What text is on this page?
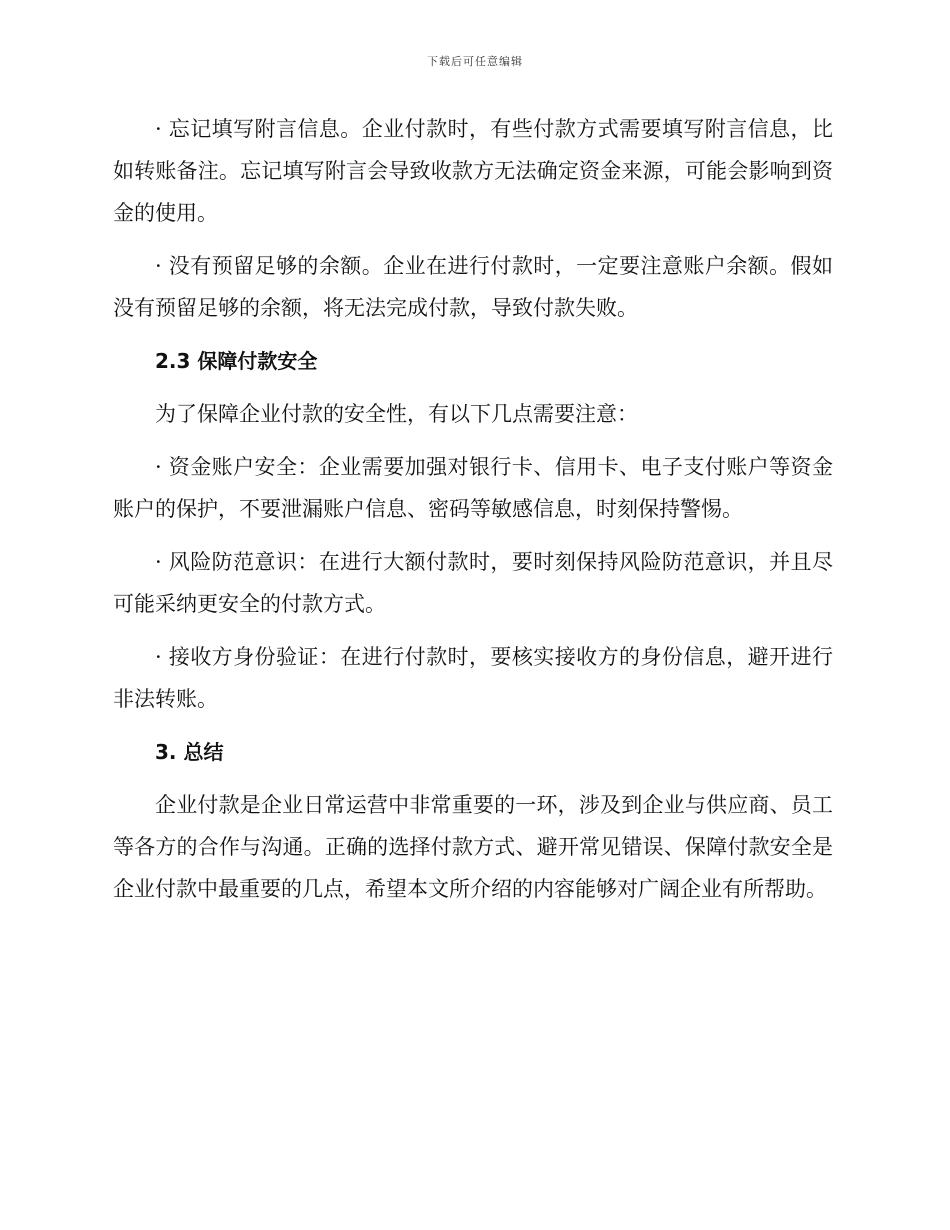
下载后可任意编辑

· 忘记填写附言信息。企业付款时，有些付款方式需要填写附言信息，比如转账备注。忘记填写附言会导致收款方无法确定资金来源，可能会影响到资金的使用。

· 没有预留足够的余额。企业在进行付款时，一定要注意账户余额。假如没有预留足够的余额，将无法完成付款，导致付款失败。

2.3 保障付款安全

为了保障企业付款的安全性，有以下几点需要注意：

· 资金账户安全：企业需要加强对银行卡、信用卡、电子支付账户等资金账户的保护，不要泄漏账户信息、密码等敏感信息，时刻保持警惕。

· 风险防范意识：在进行大额付款时，要时刻保持风险防范意识，并且尽可能采纳更安全的付款方式。

· 接收方身份验证：在进行付款时，要核实接收方的身份信息，避开进行非法转账。

3. 总结

企业付款是企业日常运营中非常重要的一环，涉及到企业与供应商、员工等各方的合作与沟通。正确的选择付款方式、避开常见错误、保障付款安全是企业付款中最重要的几点，希望本文所介绍的内容能够对广阔企业有所帮助。
